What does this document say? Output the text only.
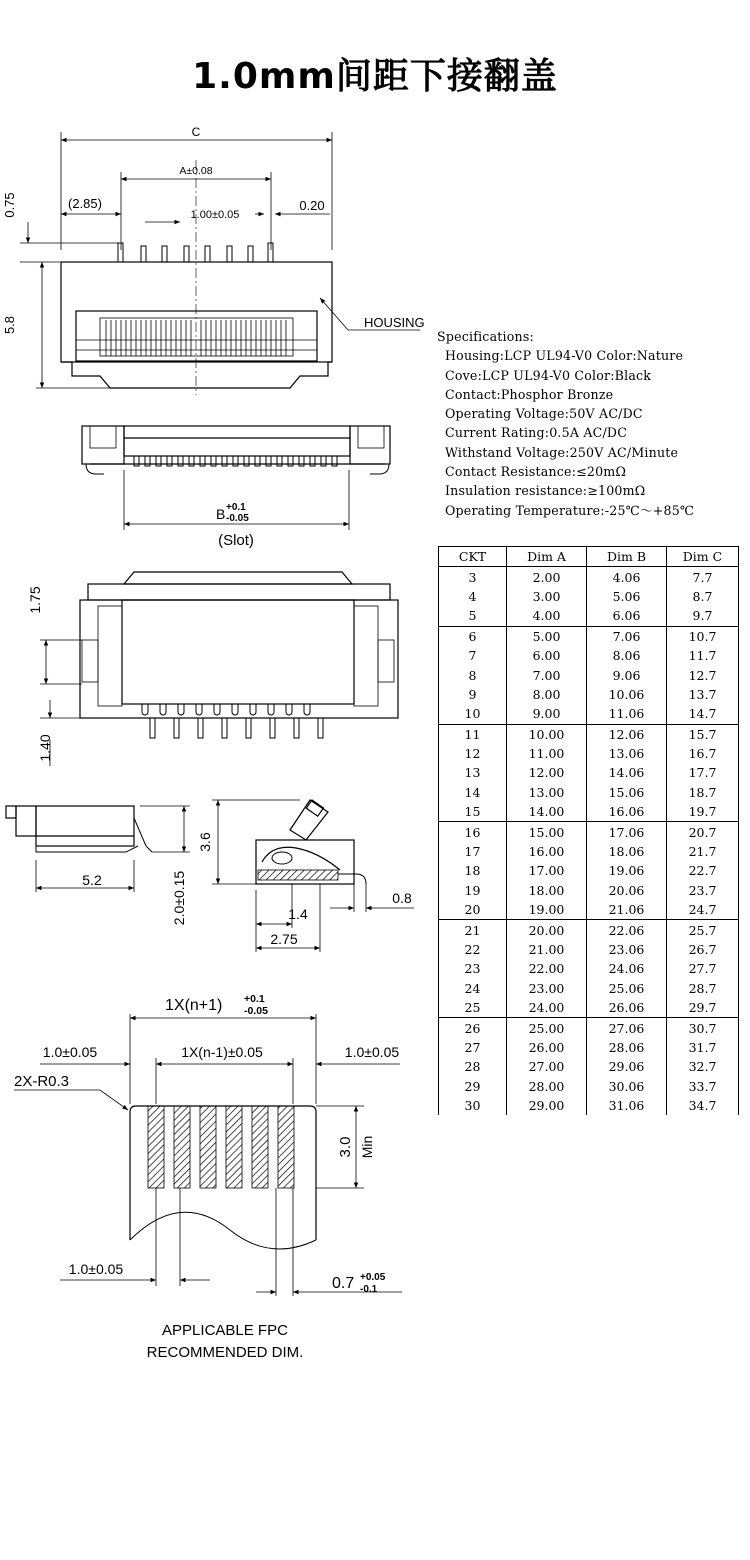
1.0mm间距下接翻盖
C
A±0.08
(2.85)
1.00±0.05
0.20
0.75
5.8	HOUSING
B +0.1
-0.05
(Slot)
1.75
1.40
5.2	2.0±0.15
3.6
1.4
0.8
2.75
1X(n+1) +0.1
-0.05
1X(n-1)±0.05
1.0±0.05	1.0±0.05
2X-R0.3
3.0 Min
1.0±0.05
0.7 +0.05
-0.1
APPLICABLE FPC
RECOMMENDED DIM.
Specifications:
Housing:LCP UL94-V0 Color:Nature
Cove:LCP UL94-V0 Color:Black
Contact:Phosphor Bronze
Operating Voltage:50V AC/DC
Current Rating:0.5A AC/DC
Withstand Voltage:250V AC/Minute
Contact Resistance:≤20mΩ
Insulation resistance:≥100mΩ
Operating Temperature:-25℃～+85℃
CKT	Dim A	Dim B	Dim C
3	2.00	4.06	7.7
4	3.00	5.06	8.7
5	4.00	6.06	9.7
6	5.00	7.06	10.7
7	6.00	8.06	11.7
8	7.00	9.06	12.7
9	8.00	10.06	13.7
10	9.00	11.06	14.7
11	10.00	12.06	15.7
12	11.00	13.06	16.7
13	12.00	14.06	17.7
14	13.00	15.06	18.7
15	14.00	16.06	19.7
16	15.00	17.06	20.7
17	16.00	18.06	21.7
18	17.00	19.06	22.7
19	18.00	20.06	23.7
20	19.00	21.06	24.7
21	20.00	22.06	25.7
22	21.00	23.06	26.7
23	22.00	24.06	27.7
24	23.00	25.06	28.7
25	24.00	26.06	29.7
26	25.00	27.06	30.7
27	26.00	28.06	31.7
28	27.00	29.06	32.7
29	28.00	30.06	33.7
30	29.00	31.06	34.7
